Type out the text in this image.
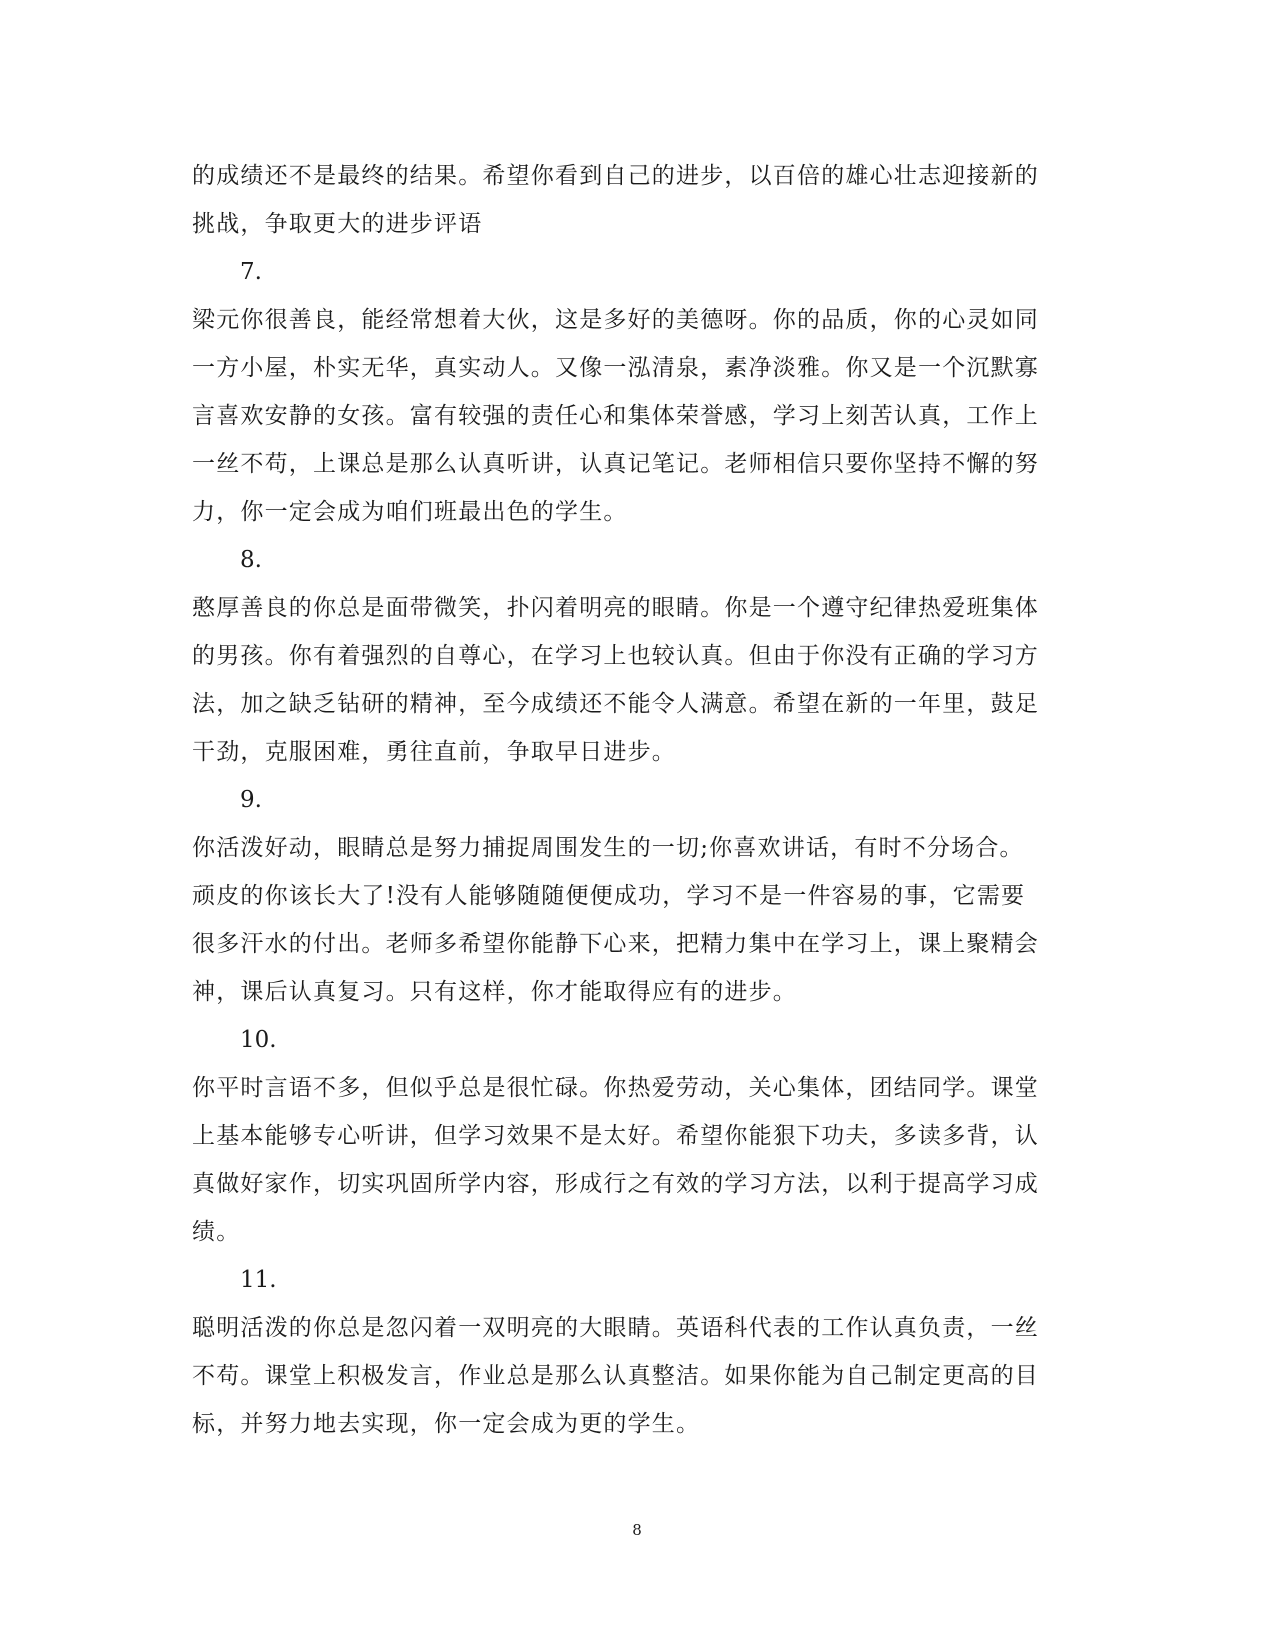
的成绩还不是最终的结果。希望你看到自己的进步，以百倍的雄心壮志迎接新的
挑战，争取更大的进步评语
7.
梁元你很善良，能经常想着大伙，这是多好的美德呀。你的品质，你的心灵如同
一方小屋，朴实无华，真实动人。又像一泓清泉，素净淡雅。你又是一个沉默寡
言喜欢安静的女孩。富有较强的责任心和集体荣誉感，学习上刻苦认真，工作上
一丝不苟，上课总是那么认真听讲，认真记笔记。老师相信只要你坚持不懈的努
力，你一定会成为咱们班最出色的学生。
8.
憨厚善良的你总是面带微笑，扑闪着明亮的眼睛。你是一个遵守纪律热爱班集体
的男孩。你有着强烈的自尊心，在学习上也较认真。但由于你没有正确的学习方
法，加之缺乏钻研的精神，至今成绩还不能令人满意。希望在新的一年里，鼓足
干劲，克服困难，勇往直前，争取早日进步。
9.
你活泼好动，眼睛总是努力捕捉周围发生的一切;你喜欢讲话，有时不分场合。
顽皮的你该长大了!没有人能够随随便便成功，学习不是一件容易的事，它需要
很多汗水的付出。老师多希望你能静下心来，把精力集中在学习上，课上聚精会
神，课后认真复习。只有这样，你才能取得应有的进步。
10.
你平时言语不多，但似乎总是很忙碌。你热爱劳动，关心集体，团结同学。课堂
上基本能够专心听讲，但学习效果不是太好。希望你能狠下功夫，多读多背，认
真做好家作，切实巩固所学内容，形成行之有效的学习方法，以利于提高学习成
绩。
11.
聪明活泼的你总是忽闪着一双明亮的大眼睛。英语科代表的工作认真负责，一丝
不苟。课堂上积极发言，作业总是那么认真整洁。如果你能为自己制定更高的目
标，并努力地去实现，你一定会成为更的学生。
8
